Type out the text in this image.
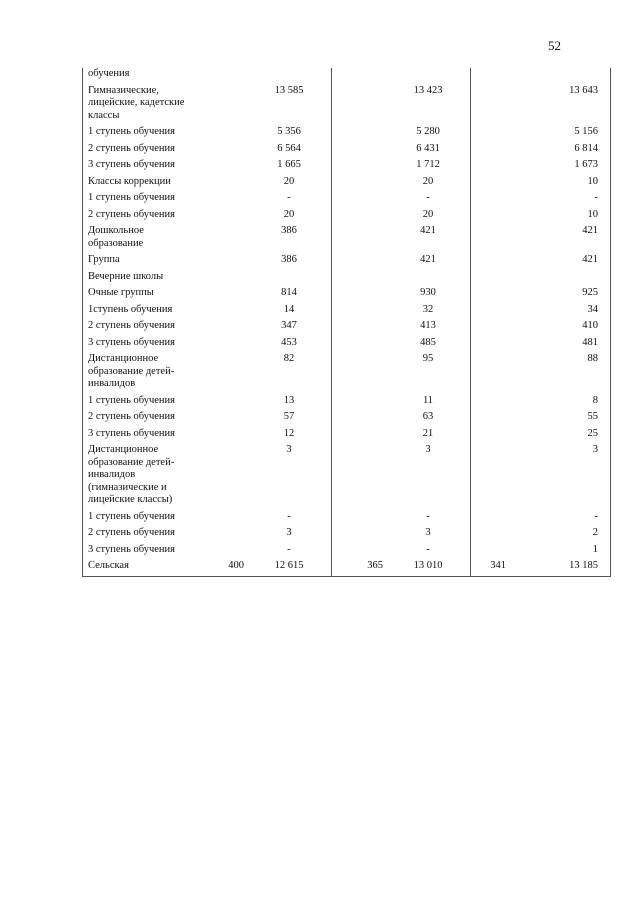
52
обучения						
Гимназические, лицейские, кадетские классы		13 585		13 423		13 643
1 ступень обучения		5 356		5 280		5 156
2 ступень обучения		6 564		6 431		6 814
3 ступень обучения		1 665		1 712		1 673
Классы коррекции		20		20		10
1 ступень обучения		-		-		-
2 ступень обучения		20		20		10
Дошкольное образование		386		421		421
Группа		386		421		421
Вечерние школы						
Очные группы		814		930		925
1ступень обучения		14		32		34
2 ступень обучения		347		413		410
3 ступень обучения		453		485		481
Дистанционное образование детей-инвалидов		82		95		88
1 ступень обучения		13		11		8
2 ступень обучения		57		63		55
3 ступень обучения		12		21		25
Дистанционное образование детей-инвалидов (гимназические и лицейские классы)		3		3		3
1 ступень обучения		-		-		-
2 ступень обучения		3		3		2
3 ступень обучения		-		-		1
Сельская	400	12 615	365	13 010	341	13 185
